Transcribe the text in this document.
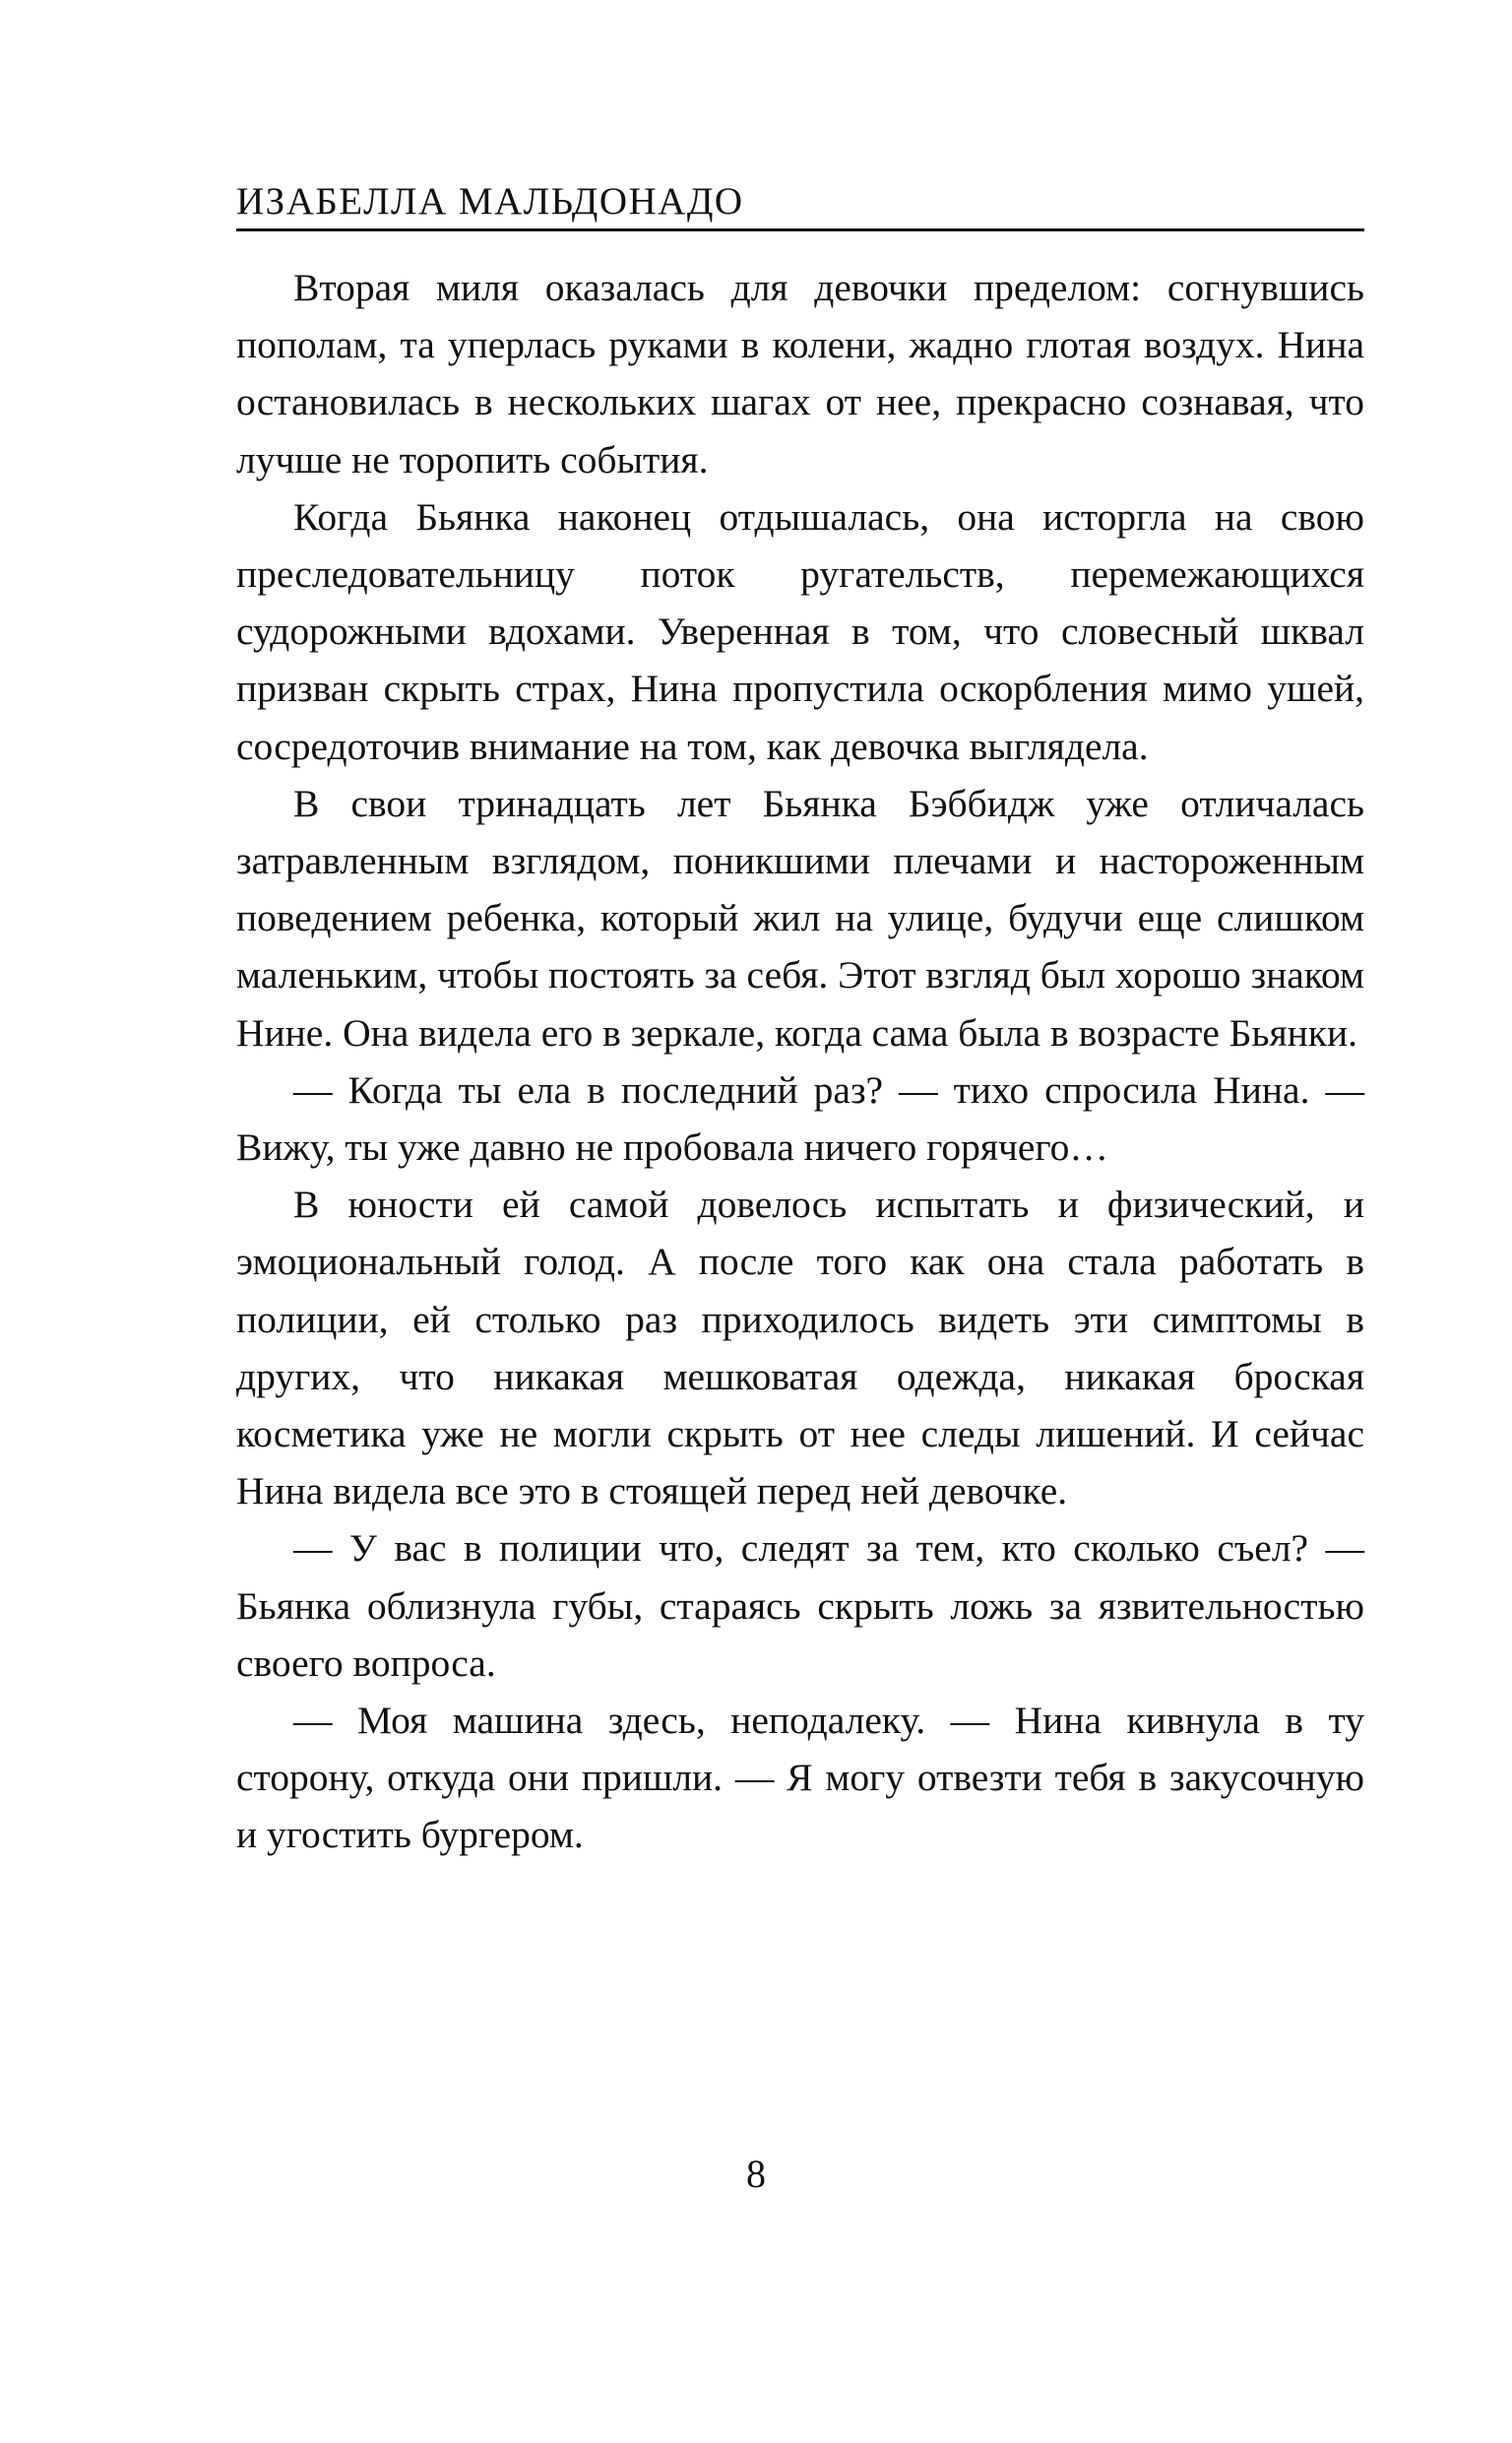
ИЗАБЕЛЛА МАЛЬДОНАДО

Вторая миля оказалась для девочки пределом: согнувшись пополам, та уперлась руками в колени, жадно глотая воздух. Нина остановилась в нескольких шагах от нее, прекрасно сознавая, что лучше не торопить события.

Когда Бьянка наконец отдышалась, она исторгла на свою преследовательницу поток ругательств, перемежающихся судорожными вдохами. Уверенная в том, что словесный шквал призван скрыть страх, Нина пропустила оскорбления мимо ушей, сосредоточив внимание на том, как девочка выглядела.

В свои тринадцать лет Бьянка Бэббидж уже отличалась затравленным взглядом, поникшими плечами и настороженным поведением ребенка, который жил на улице, будучи еще слишком маленьким, чтобы постоять за себя. Этот взгляд был хорошо знаком Нине. Она видела его в зеркале, когда сама была в возрасте Бьянки.

— Когда ты ела в последний раз? — тихо спросила Нина. — Вижу, ты уже давно не пробовала ничего горячего…

В юности ей самой довелось испытать и физический, и эмоциональный голод. А после того как она стала работать в полиции, ей столько раз приходилось видеть эти симптомы в других, что никакая мешковатая одежда, никакая броская косметика уже не могли скрыть от нее следы лишений. И сейчас Нина видела все это в стоящей перед ней девочке.

— У вас в полиции что, следят за тем, кто сколько съел? — Бьянка облизнула губы, стараясь скрыть ложь за язвительностью своего вопроса.

— Моя машина здесь, неподалеку. — Нина кивнула в ту сторону, откуда они пришли. — Я могу отвезти тебя в закусочную и угостить бургером.

8
